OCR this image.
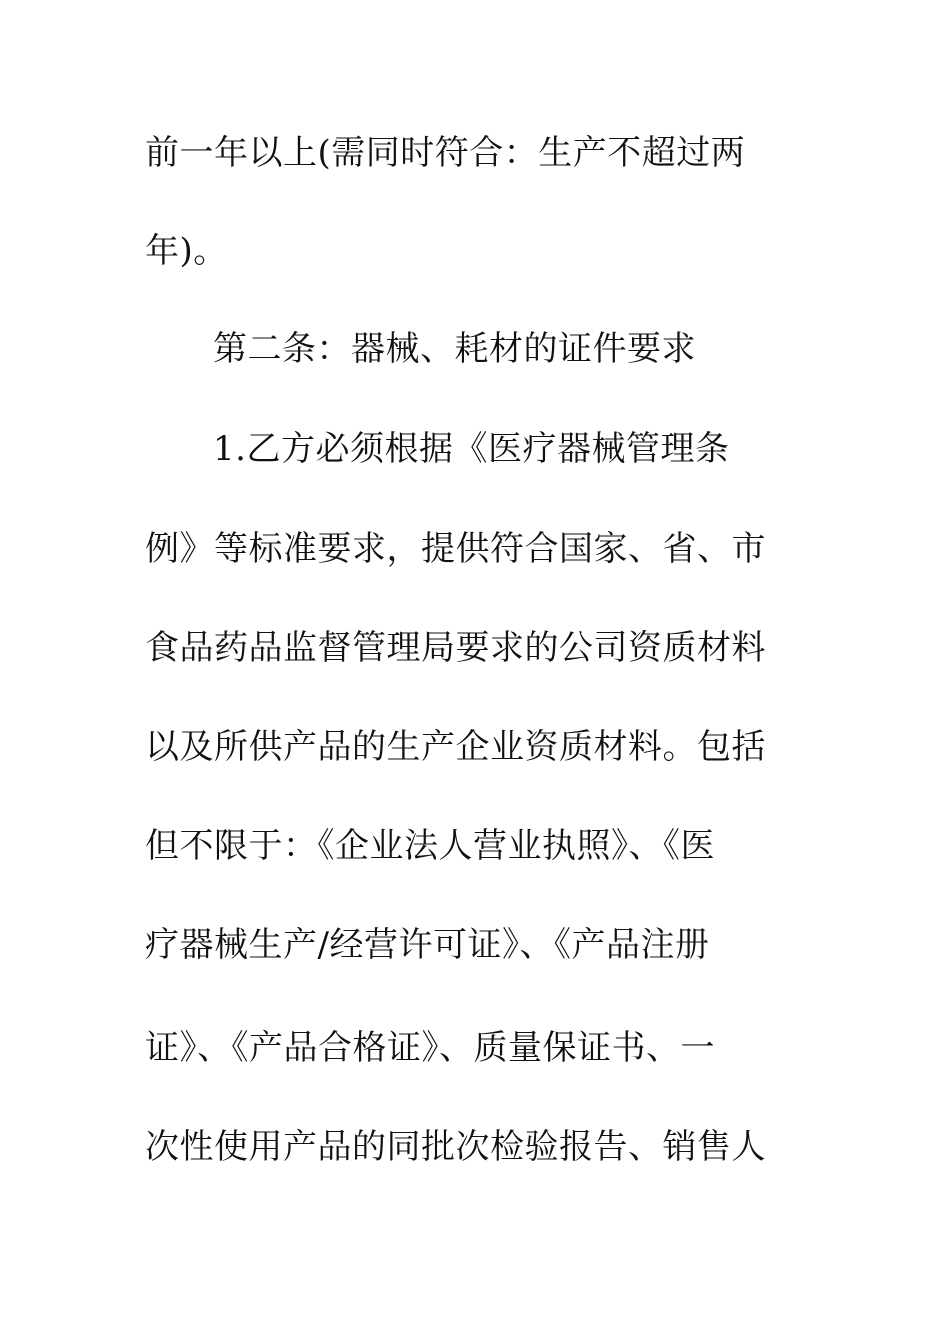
前一年以上(需同时符合：生产不超过两
年)。
第二条：器械、耗材的证件要求
1.乙方必须根据《医疗器械管理条
例》等标准要求，提供符合国家、省、市
食品药品监督管理局要求的公司资质材料
以及所供产品的生产企业资质材料。包括
但不限于：《企业法人营业执照》、《医
疗器械生产/经营许可证》、《产品注册
证》、《产品合格证》、质量保证书、一
次性使用产品的同批次检验报告、销售人
